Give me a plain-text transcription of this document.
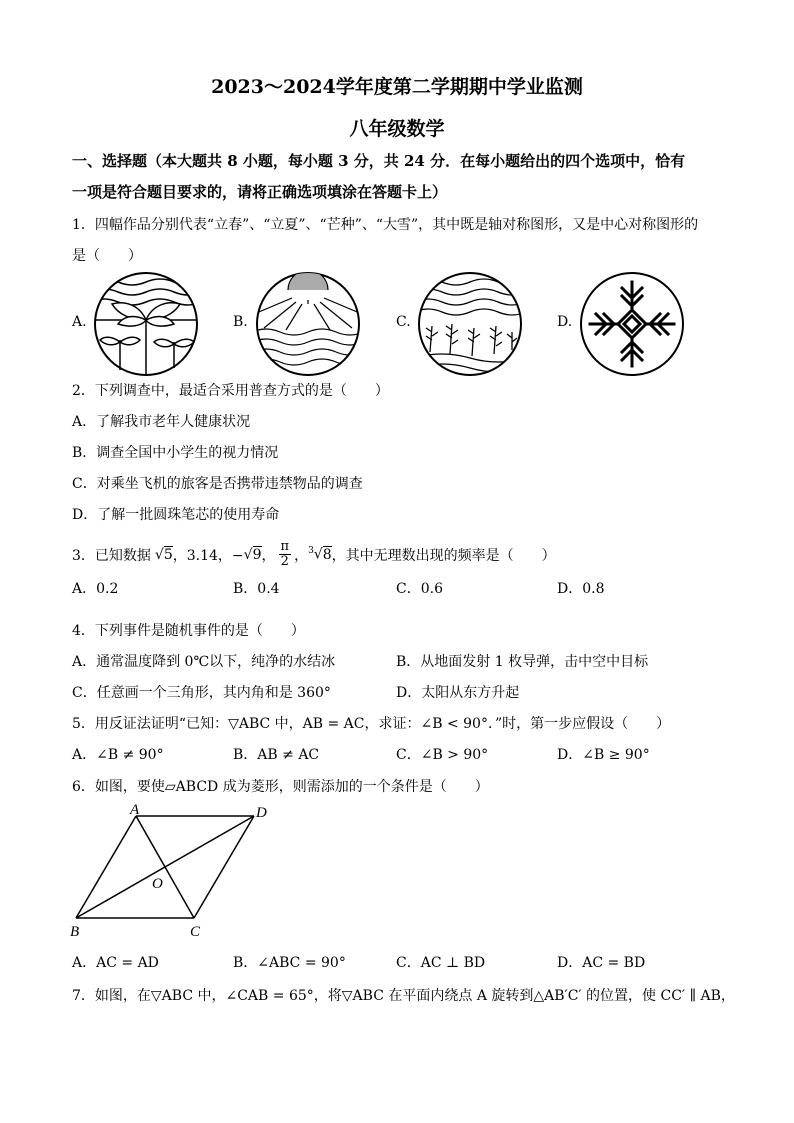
2023～2024学年度第二学期期中学业监测
八年级数学
一、选择题（本大题共 8 小题，每小题 3 分，共 24 分．在每小题给出的四个选项中，恰有
一项是符合题目要求的，请将正确选项填涂在答题卡上）
1．四幅作品分别代表“立春”、“立夏”、“芒种”、“大雪”，其中既是轴对称图形，又是中心对称图形的
是（　　）
A.	B.	C.	D.
2．下列调查中，最适合采用普查方式的是（　　）
A．了解我市老年人健康状况
B．调查全国中小学生的视力情况
C．对乘坐飞机的旅客是否携带违禁物品的调查
D．了解一批圆珠笔芯的使用寿命
3．已知数据 √5 ，3.14，− √9 ， $\frac{\pi}{2}$ ， $^3$√8 ，其中无理数出现的频率是（　　）
A．0.2	B．0.4	C．0.6	D．0.8
4．下列事件是随机事件的是（　　）
A．通常温度降到 0℃以下，纯净的水结冰	B．从地面发射 1 枚导弹，击中空中目标
C．任意画一个三角形，其内角和是 360°	D．太阳从东方升起
5．用反证法证明“已知：▽ABC 中，AB = AC，求证：∠B < 90°．”时，第一步应假设（　　）
A．∠B ≠ 90°	B．AB ≠ AC	C．∠B > 90°	D．∠B ≥ 90°
6．如图，要使▱ABCD 成为菱形，则需添加的一个条件是（　　）
A	D
O
B	C
A．AC = AD	B．∠ABC = 90°	C．AC ⊥ BD	D．AC = BD
7．如图，在▽ABC 中，∠CAB = 65°，将▽ABC 在平面内绕点 A 旋转到△AB′C′ 的位置，使 CC′ ∥ AB，
